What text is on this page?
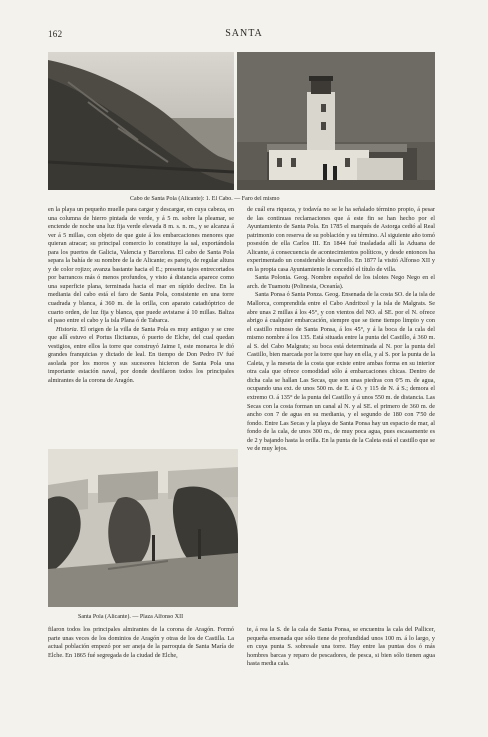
162	SANTA
Cabo de Santa Pola (Alicante): 1. El Cabo. — Faro del mismo

en la playa un pequeño muelle para cargar y descargar, en cuya cabeza, en una columna de hierro pintada de verde, y á 5 m. sobre la pleamar, se enciende de noche una luz fija verde elevada 8 m. s. n. m., y se alcanza á ver á 5 millas, con objeto de que guie á los embarcaciones menores que quieran atracar; su principal comercio lo constituye la sal, exportándola para los puertos de Galicia, Valencia y Barcelona. El cabo de Santa Pola separa la bahía de su nombre de la de Alicante; es parejo, de regular altura y de color rojizo; avanza bastante hacia el E.; presenta tajos entrecortados por barrancos más ó menos profundos, y visto á distancia aparece como una superficie plana, terminada hacia el mar en rápido declive. En la mediania del cabo está el faro de Santa Pola, consistente en una torre cuadrada y blanca, á 360 m. de la orilla, con aparato catadióptrico de cuarto orden, de luz fija y blanca, que puede avistarse á 10 millas. Baliza el paso entre el cabo y la isla Plana ó de Tabarca.

Historia. El origen de la villa de Santa Pola es muy antiguo y se cree que allí estuvo el Portus Ilicitanus, ó puerto de Elche, del cual quedan vestigios, entre ellos la torre que construyó Jaime I, este monarca le dió grandes franquicias y dictado de leal. En tiempo de Don Pedro IV fué asolada por los moros y sus sucesores hicieron de Santa Pola una importante estación naval, por donde desfilaron todos los principales almirantes de la corona de Aragón.

de cuál era riqueza, y todavía no se le ha señalado término propio, á pesar de las continuas reclamaciones que á este fin se han hecho por el Ayuntamiento de Santa Pola. En 1785 el marqués de Astorga cedió al Real patrimonio con reserva de su población y su término. Al siguiente año tomó posesión de ella Carlos III. En 1844 fué trasladada allí la Aduana de Alicante, á consecuencia de acontecimientos políticos, y desde entonces ha experimentado un considerable desarrollo. En 1877 la visitó Alfonso XII y en la propia casa Ayuntamiento le concedió el título de villa.

Santa Polonia. Geog. Nombre español de los islotes Nego Nego en el arch. de Tuamotu (Polinesia, Oceanía).

Santa Ponsa ó Santa Ponza. Geog. Ensenada de la costa SO. de la isla de Mallorca, comprendida entre el Cabo Andritxol y la isla de Malgrats. Se abre unas 2 millas á los 45°, y con vientos del NO. al SE. por el N. ofrece abrigo á cualquier embarcación, siempre que se tiene tiempo limpio y con el castillo ruinoso de Santa Ponsa, á los 45°, y á la boca de la cala del mismo nombre á los 135. Está situada entre la punta del Castillo, á 360 m. al S. del Cabo Malgrats; su boca está determinada al N. por la punta del Castillo, bien marcada por la torre que hay en ella, y al S. por la punta de la Caleta, y la meseta de la costa que existe entre ambas forma en su interior otra cala que ofrece comodidad sólo á embarcaciones chicas. Dentro de dicha cala se hallan Las Secas, que son unas piedras con 0'5 m. de agua, ocupando una ext. de unos 500 m. de E. á O. y 115 de N. á S.; demora el extremo O. á 135° de la punta del Castillo y á unos 550 m. de distancia. Las Secas con la costa forman un canal al N. y al SE. el primero de 360 m. de ancho con 7 de agua en su mediania, y el segundo de 180 con 7'50 de fondo. Entre Las Secas y la playa de Santa Ponsa hay un espacio de mar, al fondo de la cala, de unos 300 m., de muy poca agua, pues escasamente es de 2 y bajando hasta la orilla. En la punta de la Caleta está el castillo que se ve de muy lejos.

Santa Pola (Alicante). — Plaza Alfonso XII

filaron todos los principales almirantes de la corona de Aragón. Formó parte unas veces de los dominios de Aragón y otras de los de Castilla. La actual población empezó por ser aneja de la parroquia de Santa María de Elche. En 1865 fué segregada de la ciudad de Elche,

te, á rea la S. de la cala de Santa Ponsa, se encuentra la cala del Pallicer, pequeña ensenada que sólo tiene de profundidad unos 100 m. á lo largo, y en cuya punta S. sobresale una torre. Hay entre las puntas dos ó más hombres barcas y reparo de pescadores, de pesca, si bien sólo tienen agua hasta media cala.
